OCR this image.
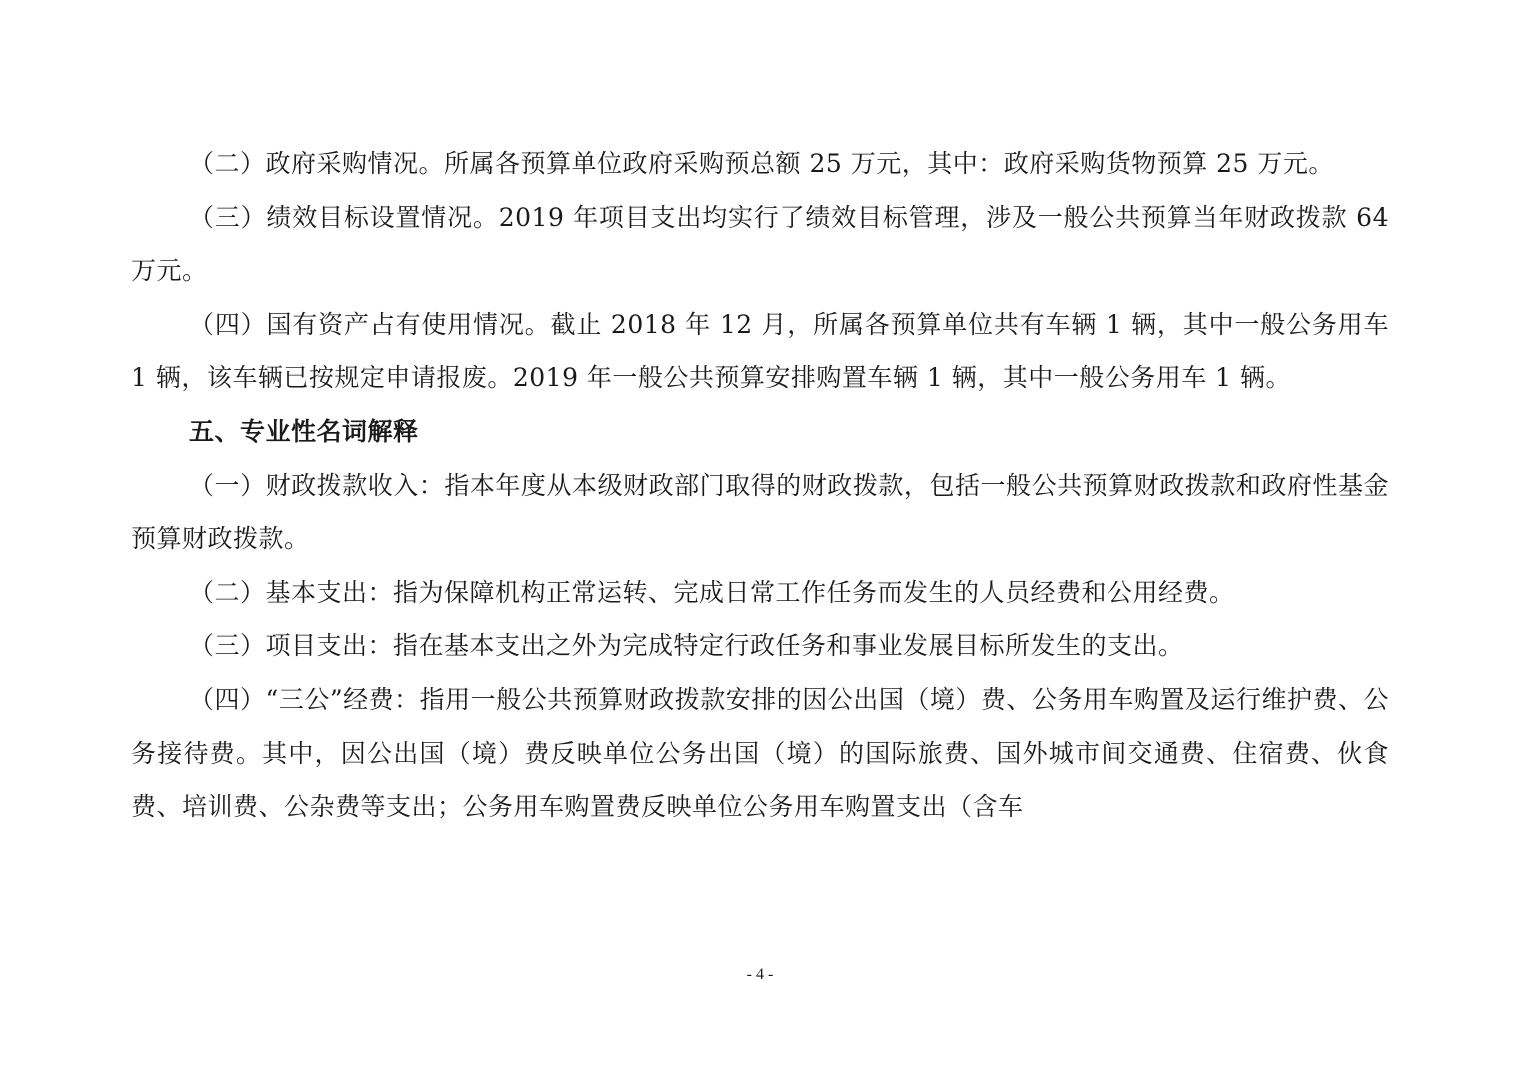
（二）政府采购情况。所属各预算单位政府采购预总额 25 万元，其中：政府采购货物预算 25 万元。

（三）绩效目标设置情况。2019 年项目支出均实行了绩效目标管理，涉及一般公共预算当年财政拨款 64 万元。

（四）国有资产占有使用情况。截止 2018 年 12 月，所属各预算单位共有车辆 1 辆，其中一般公务用车 1 辆，该车辆已按规定申请报废。2019 年一般公共预算安排购置车辆 1 辆，其中一般公务用车 1 辆。

五、专业性名词解释

（一）财政拨款收入：指本年度从本级财政部门取得的财政拨款，包括一般公共预算财政拨款和政府性基金预算财政拨款。

（二）基本支出：指为保障机构正常运转、完成日常工作任务而发生的人员经费和公用经费。

（三）项目支出：指在基本支出之外为完成特定行政任务和事业发展目标所发生的支出。

（四）“三公”经费：指用一般公共预算财政拨款安排的因公出国（境）费、公务用车购置及运行维护费、公务接待费。其中，因公出国（境）费反映单位公务出国（境）的国际旅费、国外城市间交通费、住宿费、伙食费、培训费、公杂费等支出；公务用车购置费反映单位公务用车购置支出（含车

- 4 -
